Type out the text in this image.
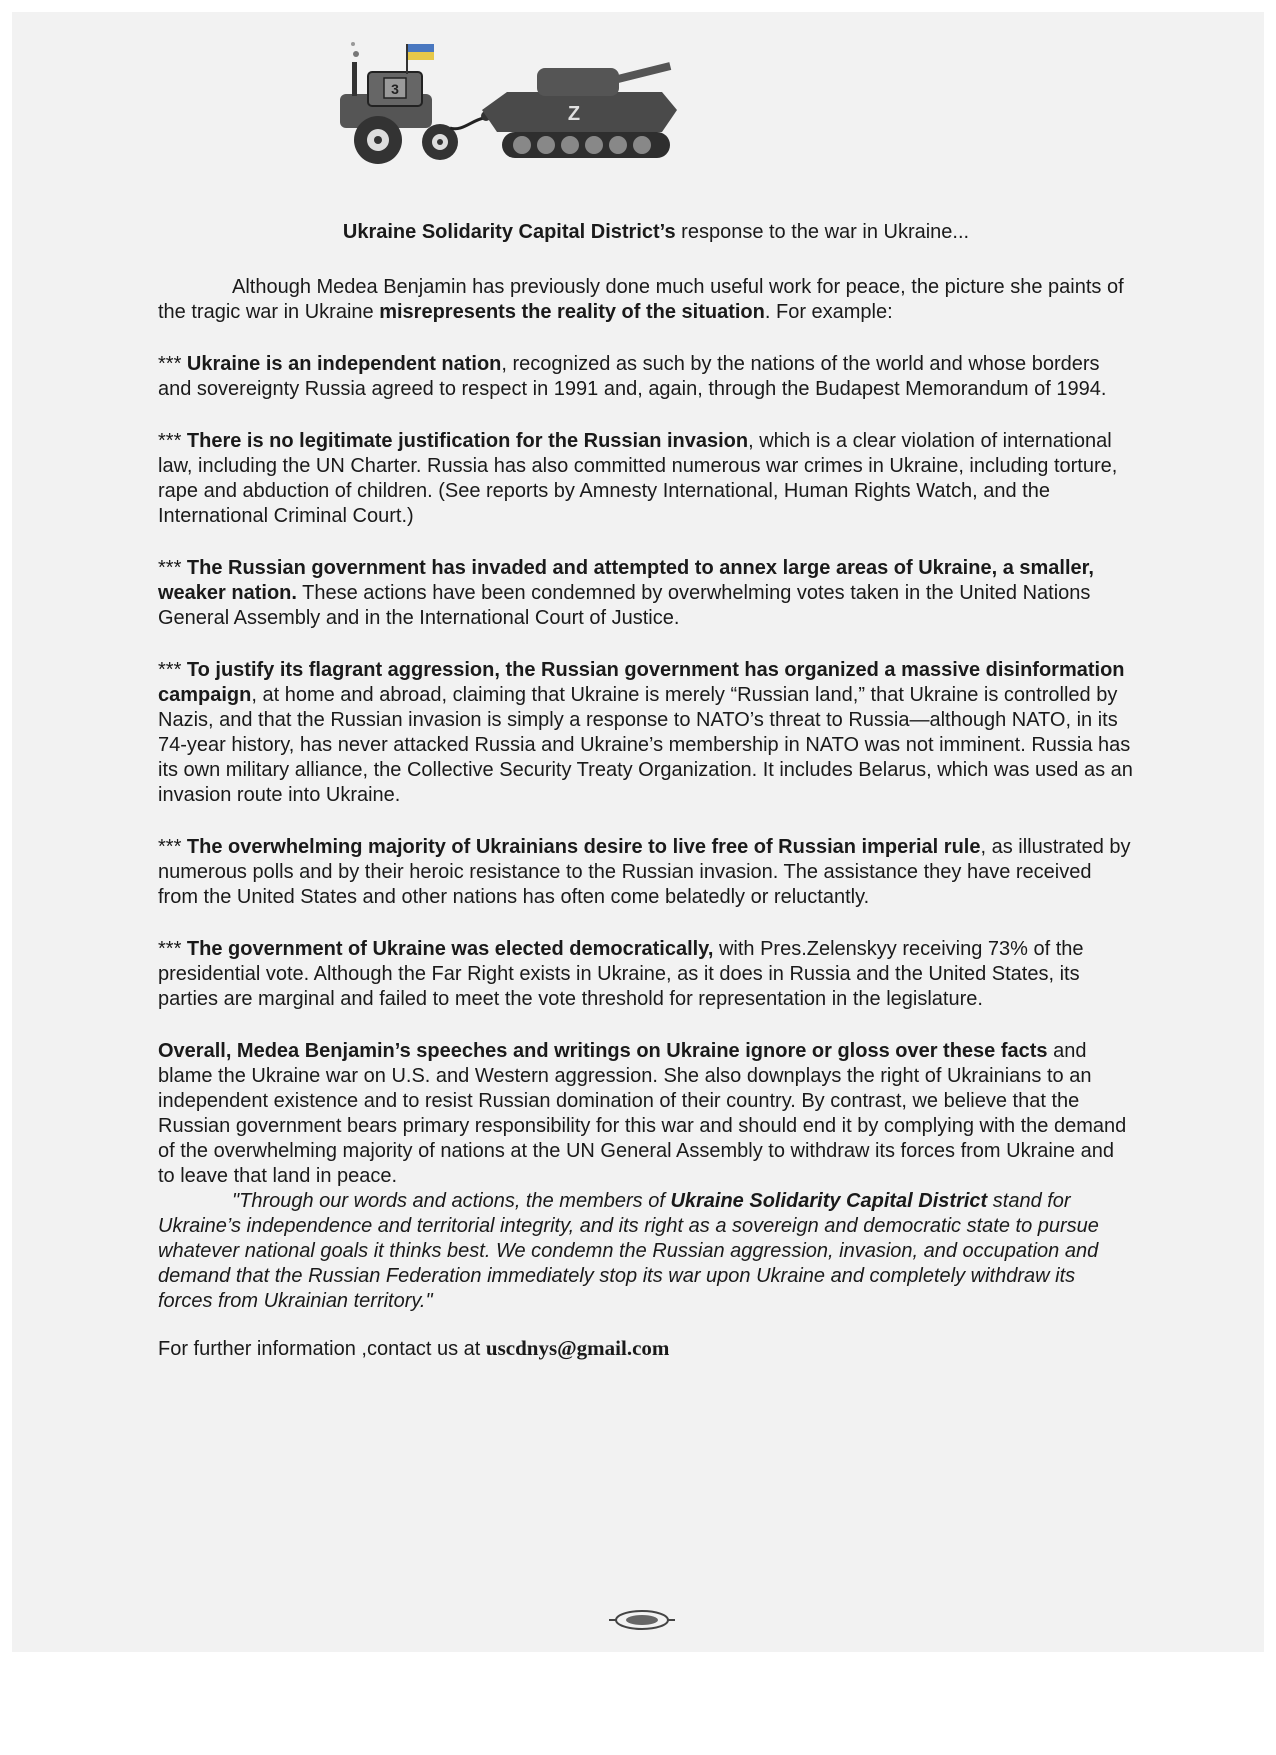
3
Z
Ukraine Solidarity Capital District’s response to the war in Ukraine...

Although Medea Benjamin has previously done much useful work for peace, the picture she paints of the tragic war in Ukraine misrepresents the reality of the situation. For example:

*** Ukraine is an independent nation, recognized as such by the nations of the world and whose borders and sovereignty Russia agreed to respect in 1991 and, again, through the Budapest Memorandum of 1994.

*** There is no legitimate justification for the Russian invasion, which is a clear violation of international law, including the UN Charter. Russia has also committed numerous war crimes in Ukraine, including torture, rape and abduction of children. (See reports by Amnesty International, Human Rights Watch, and the International Criminal Court.)

*** The Russian government has invaded and attempted to annex large areas of Ukraine, a smaller, weaker nation. These actions have been condemned by overwhelming votes taken in the United Nations General Assembly and in the International Court of Justice.

*** To justify its flagrant aggression, the Russian government has organized a massive disinformation campaign, at home and abroad, claiming that Ukraine is merely “Russian land,” that Ukraine is controlled by Nazis, and that the Russian invasion is simply a response to NATO’s threat to Russia—although NATO, in its 74-year history, has never attacked Russia and Ukraine’s membership in NATO was not imminent. Russia has its own military alliance, the Collective Security Treaty Organization. It includes Belarus, which was used as an invasion route into Ukraine.

*** The overwhelming majority of Ukrainians desire to live free of Russian imperial rule, as illustrated by numerous polls and by their heroic resistance to the Russian invasion. The assistance they have received from the United States and other nations has often come belatedly or reluctantly.

*** The government of Ukraine was elected democratically, with Pres.Zelenskyy receiving 73% of the presidential vote. Although the Far Right exists in Ukraine, as it does in Russia and the United States, its parties are marginal and failed to meet the vote threshold for representation in the legislature.

Overall, Medea Benjamin’s speeches and writings on Ukraine ignore or gloss over these facts and blame the Ukraine war on U.S. and Western aggression. She also downplays the right of Ukrainians to an independent existence and to resist Russian domination of their country. By contrast, we believe that the Russian government bears primary responsibility for this war and should end it by complying with the demand of the overwhelming majority of nations at the UN General Assembly to withdraw its forces from Ukraine and to leave that land in peace.

"Through our words and actions, the members of Ukraine Solidarity Capital District stand for Ukraine’s independence and territorial integrity, and its right as a sovereign and democratic state to pursue whatever national goals it thinks best. We condemn the Russian aggression, invasion, and occupation and demand that the Russian Federation immediately stop its war upon Ukraine and completely withdraw its forces from Ukrainian territory."

For further information ,contact us at uscdnys@gmail.com
